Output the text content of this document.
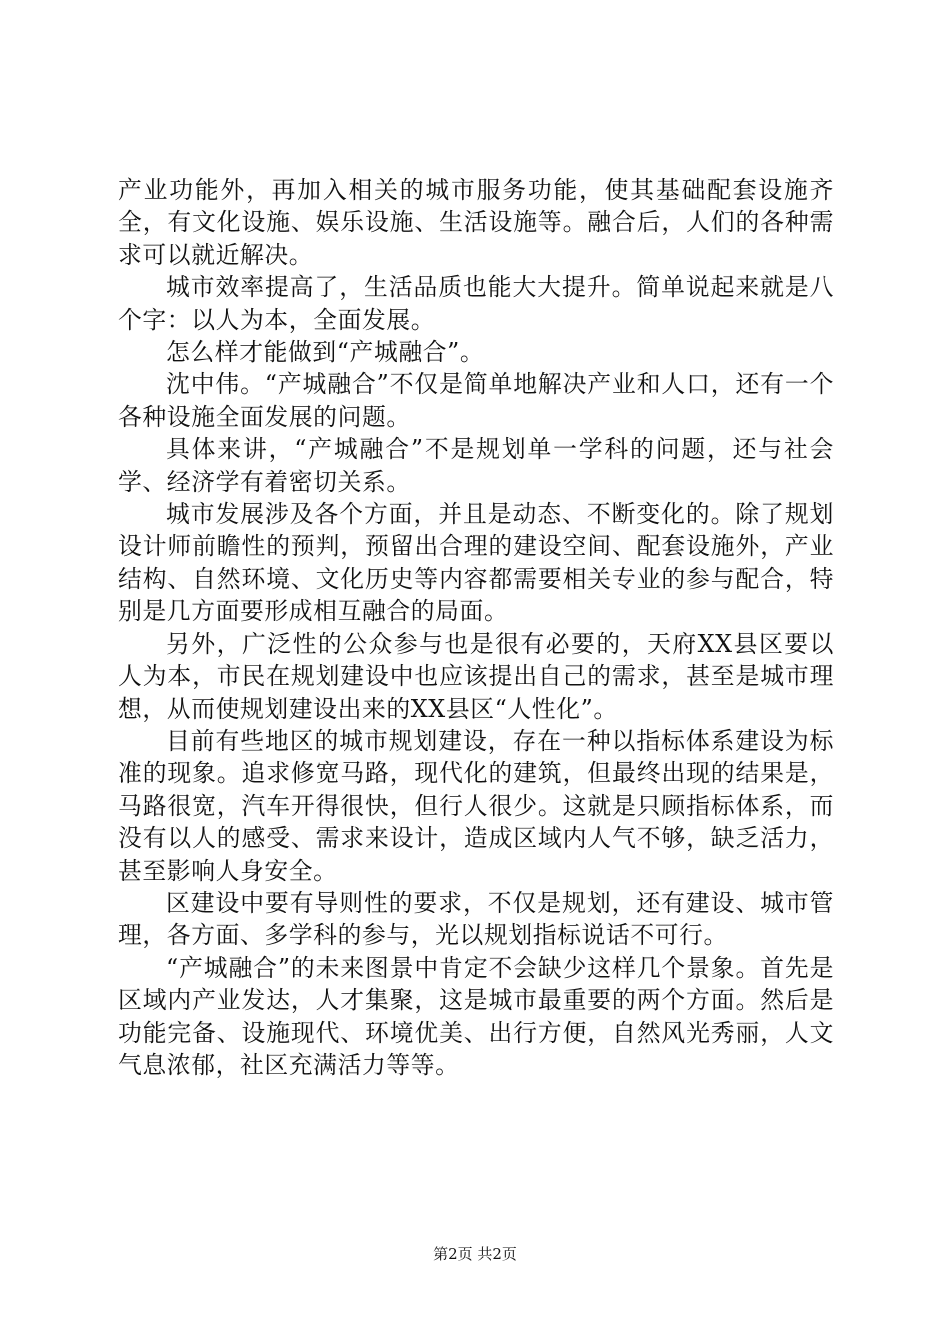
产业功能外，再加入相关的城市服务功能，使其基础配套设施齐全，有文化设施、娱乐设施、生活设施等。融合后，人们的各种需求可以就近解决。

城市效率提高了，生活品质也能大大提升。简单说起来就是八个字：以人为本，全面发展。

怎么样才能做到“产城融合”。

沈中伟。“产城融合”不仅是简单地解决产业和人口，还有一个各种设施全面发展的问题。

具体来讲，“产城融合”不是规划单一学科的问题，还与社会学、经济学有着密切关系。

城市发展涉及各个方面，并且是动态、不断变化的。除了规划设计师前瞻性的预判，预留出合理的建设空间、配套设施外，产业结构、自然环境、文化历史等内容都需要相关专业的参与配合，特别是几方面要形成相互融合的局面。

另外，广泛性的公众参与也是很有必要的，天府XX县区要以人为本，市民在规划建设中也应该提出自己的需求，甚至是城市理想，从而使规划建设出来的XX县区“人性化”。

目前有些地区的城市规划建设，存在一种以指标体系建设为标准的现象。追求修宽马路，现代化的建筑，但最终出现的结果是，马路很宽，汽车开得很快，但行人很少。这就是只顾指标体系，而没有以人的感受、需求来设计，造成区域内人气不够，缺乏活力，甚至影响人身安全。

区建设中要有导则性的要求，不仅是规划，还有建设、城市管理，各方面、多学科的参与，光以规划指标说话不可行。

“产城融合”的未来图景中肯定不会缺少这样几个景象。首先是区域内产业发达，人才集聚，这是城市最重要的两个方面。然后是功能完备、设施现代、环境优美、出行方便，自然风光秀丽，人文气息浓郁，社区充满活力等等。

第2页 共2页
